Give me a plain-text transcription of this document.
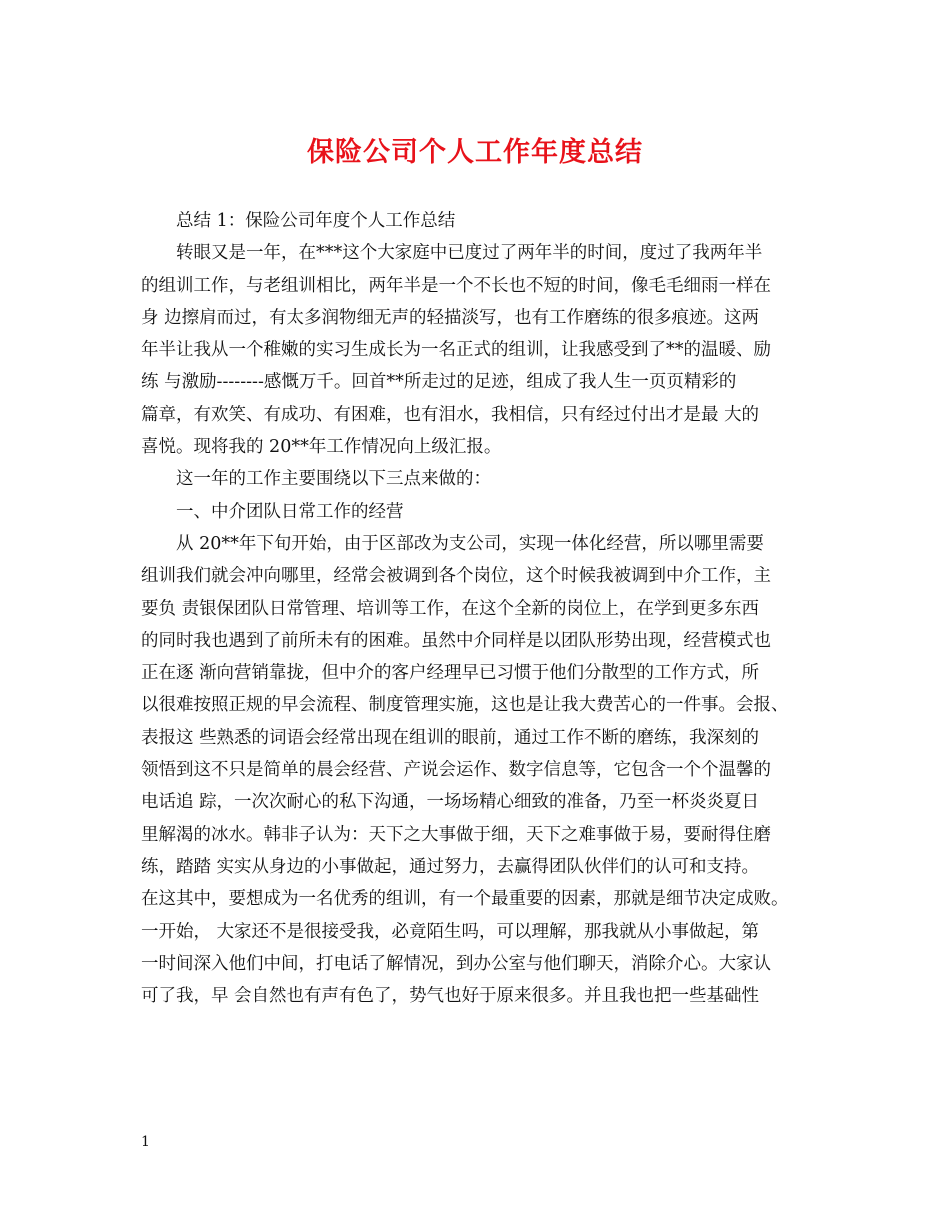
保险公司个人工作年度总结
总结 1：保险公司年度个人工作总结
转眼又是一年，在***这个大家庭中已度过了两年半的时间，度过了我两年半
的组训工作，与老组训相比，两年半是一个不长也不短的时间，像毛毛细雨一样在
身 边擦肩而过，有太多润物细无声的轻描淡写，也有工作磨练的很多痕迹。这两
年半让我从一个稚嫩的实习生成长为一名正式的组训，让我感受到了**的温暖、励
练 与激励--------感慨万千。回首**所走过的足迹，组成了我人生一页页精彩的
篇章，有欢笑、有成功、有困难，也有泪水，我相信，只有经过付出才是最 大的
喜悦。现将我的 20**年工作情况向上级汇报。
这一年的工作主要围绕以下三点来做的：
一、中介团队日常工作的经营
从 20**年下旬开始，由于区部改为支公司，实现一体化经营，所以哪里需要
组训我们就会冲向哪里，经常会被调到各个岗位，这个时候我被调到中介工作，主
要负 责银保团队日常管理、培训等工作，在这个全新的岗位上，在学到更多东西
的同时我也遇到了前所未有的困难。虽然中介同样是以团队形势出现，经营模式也
正在逐 渐向营销靠拢，但中介的客户经理早已习惯于他们分散型的工作方式，所
以很难按照正规的早会流程、制度管理实施，这也是让我大费苦心的一件事。会报、
表报这 些熟悉的词语会经常出现在组训的眼前，通过工作不断的磨练，我深刻的
领悟到这不只是简单的晨会经营、产说会运作、数字信息等，它包含一个个温馨的
电话追 踪，一次次耐心的私下沟通，一场场精心细致的准备，乃至一杯炎炎夏日
里解渴的冰水。韩非子认为：天下之大事做于细，天下之难事做于易，要耐得住磨
练，踏踏 实实从身边的小事做起，通过努力，去赢得团队伙伴们的认可和支持。
在这其中，要想成为一名优秀的组训，有一个最重要的因素，那就是细节决定成败。
一开始， 大家还不是很接受我，必竟陌生吗，可以理解，那我就从小事做起，第
一时间深入他们中间，打电话了解情况，到办公室与他们聊天，消除介心。大家认
可了我，早 会自然也有声有色了，势气也好于原来很多。并且我也把一些基础性
1
